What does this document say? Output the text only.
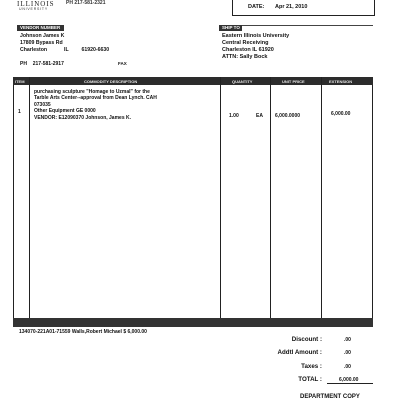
ILLINOIS
UNIVERSITY
PH 217-581-2321
DATE: Apr 21, 2010
VENDOR NUMBER
Johnson James K
17809 Bypass Rd
Charleston	IL 61920-6630
PH 217-581-2917	FAX
SHIP TO
Eastern Illinois University
Central Receiving
Charleston IL 61920
ATTN: Sally Bock
ITEM	COMMODITY DESCRIPTION	QUANTITY	UNIT PRICE	EXTENSION
1
purchasing sculpture "Homage to Uzmal" for the
Tarble Arts Center--approval from Dean Lynch. CAH
073035
Other Equipment GE 0000
VENDOR: E12090370 Johnson, James K.	1.00	EA 6,000.0000	6,000.00
134070-221A01-71559 Walls,Robert Michael $ 6,000.00
Discount :	.00
Addtl Amount :	.00
Taxes :	.00
TOTAL :	6,000.00
DEPARTMENT COPY
